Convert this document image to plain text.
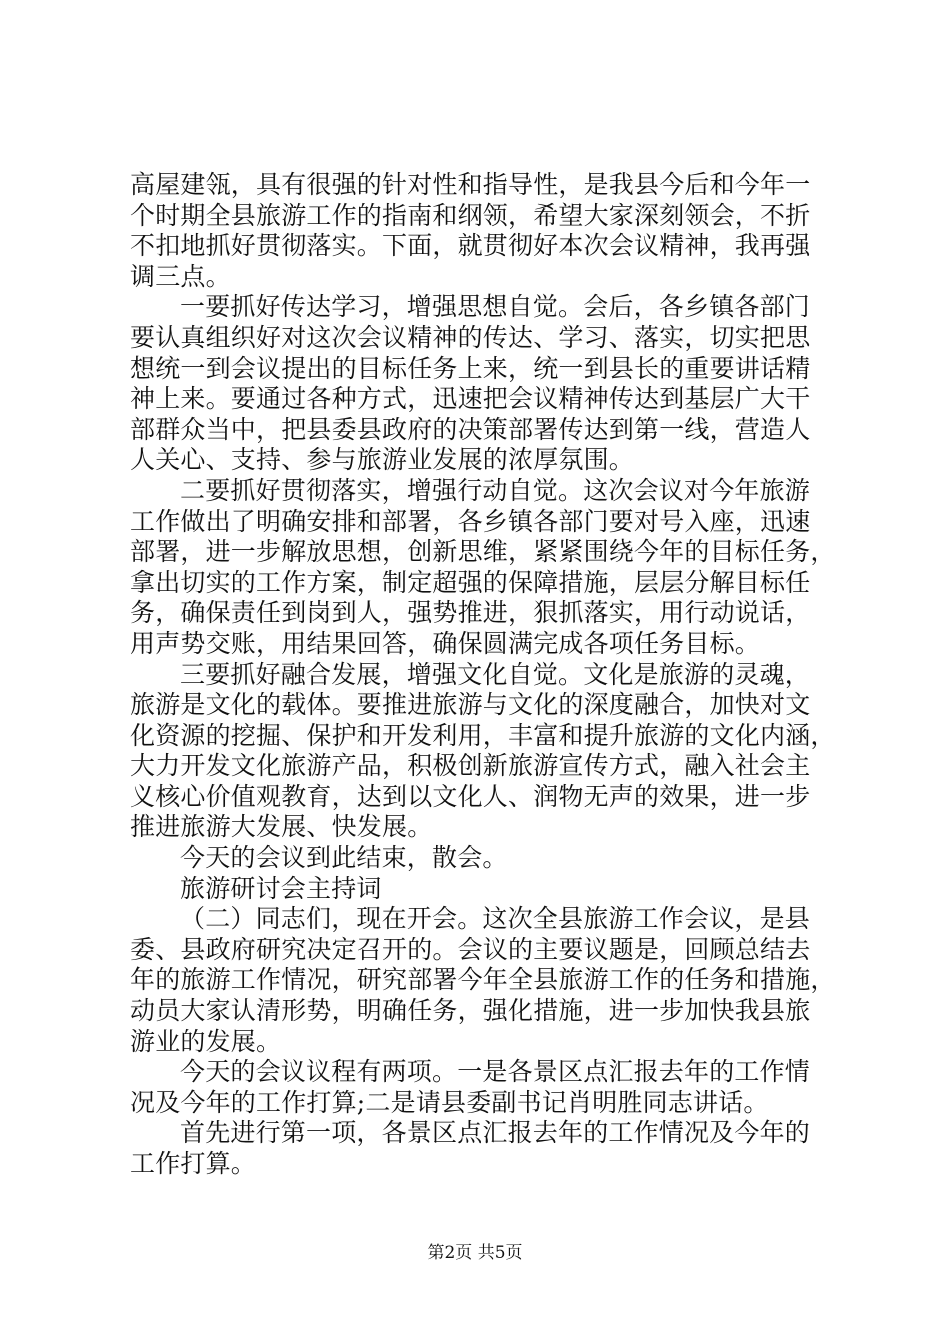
高屋建瓴，具有很强的针对性和指导性，是我县今后和今年一
个时期全县旅游工作的指南和纲领，希望大家深刻领会，不折
不扣地抓好贯彻落实。下面，就贯彻好本次会议精神，我再强
调三点。
一要抓好传达学习，增强思想自觉。会后，各乡镇各部门
要认真组织好对这次会议精神的传达、学习、落实，切实把思
想统一到会议提出的目标任务上来，统一到县长的重要讲话精
神上来。要通过各种方式，迅速把会议精神传达到基层广大干
部群众当中，把县委县政府的决策部署传达到第一线，营造人
人关心、支持、参与旅游业发展的浓厚氛围。
二要抓好贯彻落实，增强行动自觉。这次会议对今年旅游
工作做出了明确安排和部署，各乡镇各部门要对号入座，迅速
部署，进一步解放思想，创新思维，紧紧围绕今年的目标任务，
拿出切实的工作方案，制定超强的保障措施，层层分解目标任
务，确保责任到岗到人，强势推进，狠抓落实，用行动说话，
用声势交账，用结果回答，确保圆满完成各项任务目标。
三要抓好融合发展，增强文化自觉。文化是旅游的灵魂，
旅游是文化的载体。要推进旅游与文化的深度融合，加快对文
化资源的挖掘、保护和开发利用，丰富和提升旅游的文化内涵，
大力开发文化旅游产品，积极创新旅游宣传方式，融入社会主
义核心价值观教育，达到以文化人、润物无声的效果，进一步
推进旅游大发展、快发展。
今天的会议到此结束，散会。
旅游研讨会主持词
（二）同志们，现在开会。这次全县旅游工作会议，是县
委、县政府研究决定召开的。会议的主要议题是，回顾总结去
年的旅游工作情况，研究部署今年全县旅游工作的任务和措施，
动员大家认清形势，明确任务，强化措施，进一步加快我县旅
游业的发展。
今天的会议议程有两项。一是各景区点汇报去年的工作情
况及今年的工作打算;二是请县委副书记肖明胜同志讲话。
首先进行第一项，各景区点汇报去年的工作情况及今年的
工作打算。
第2页 共5页
